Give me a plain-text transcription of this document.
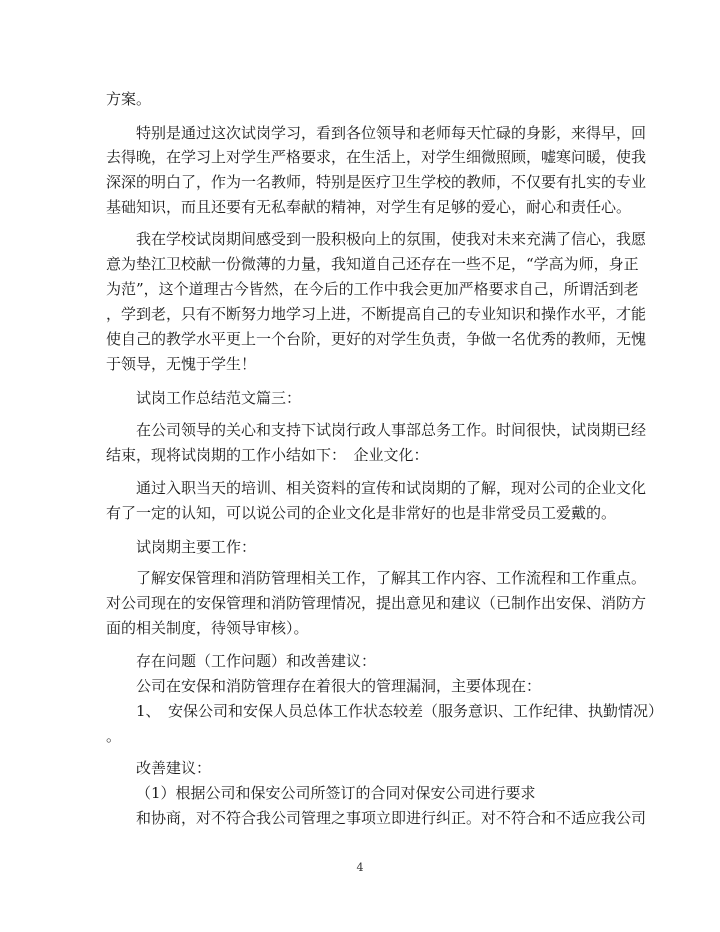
方案。
特别是通过这次试岗学习，看到各位领导和老师每天忙碌的身影，来得早，回
去得晚，在学习上对学生严格要求，在生活上，对学生细微照顾，嘘寒问暖，使我
深深的明白了，作为一名教师，特别是医疗卫生学校的教师，不仅要有扎实的专业
基础知识，而且还要有无私奉献的精神，对学生有足够的爱心，耐心和责任心。
我在学校试岗期间感受到一股积极向上的氛围，使我对未来充满了信心，我愿
意为垫江卫校献一份微薄的力量，我知道自己还存在一些不足，“学高为师，身正
为范”，这个道理古今皆然，在今后的工作中我会更加严格要求自己，所谓活到老
，学到老，只有不断努力地学习上进，不断提高自己的专业知识和操作水平，才能
使自己的教学水平更上一个台阶，更好的对学生负责，争做一名优秀的教师，无愧
于领导，无愧于学生！
试岗工作总结范文篇三：
在公司领导的关心和支持下试岗行政人事部总务工作。时间很快，试岗期已经
结束，现将试岗期的工作小结如下：　企业文化：
通过入职当天的培训、相关资料的宣传和试岗期的了解，现对公司的企业文化
有了一定的认知，可以说公司的企业文化是非常好的也是非常受员工爱戴的。
试岗期主要工作：
了解安保管理和消防管理相关工作，了解其工作内容、工作流程和工作重点。
对公司现在的安保管理和消防管理情况，提出意见和建议（已制作出安保、消防方
面的相关制度，待领导审核）。
存在问题（工作问题）和改善建议：
公司在安保和消防管理存在着很大的管理漏洞，主要体现在：
1、　安保公司和安保人员总体工作状态较差（服务意识、工作纪律、执勤情况）
。
改善建议：
（1）根据公司和保安公司所签订的合同对保安公司进行要求
和协商，对不符合我公司管理之事项立即进行纠正。对不符合和不适应我公司
4
